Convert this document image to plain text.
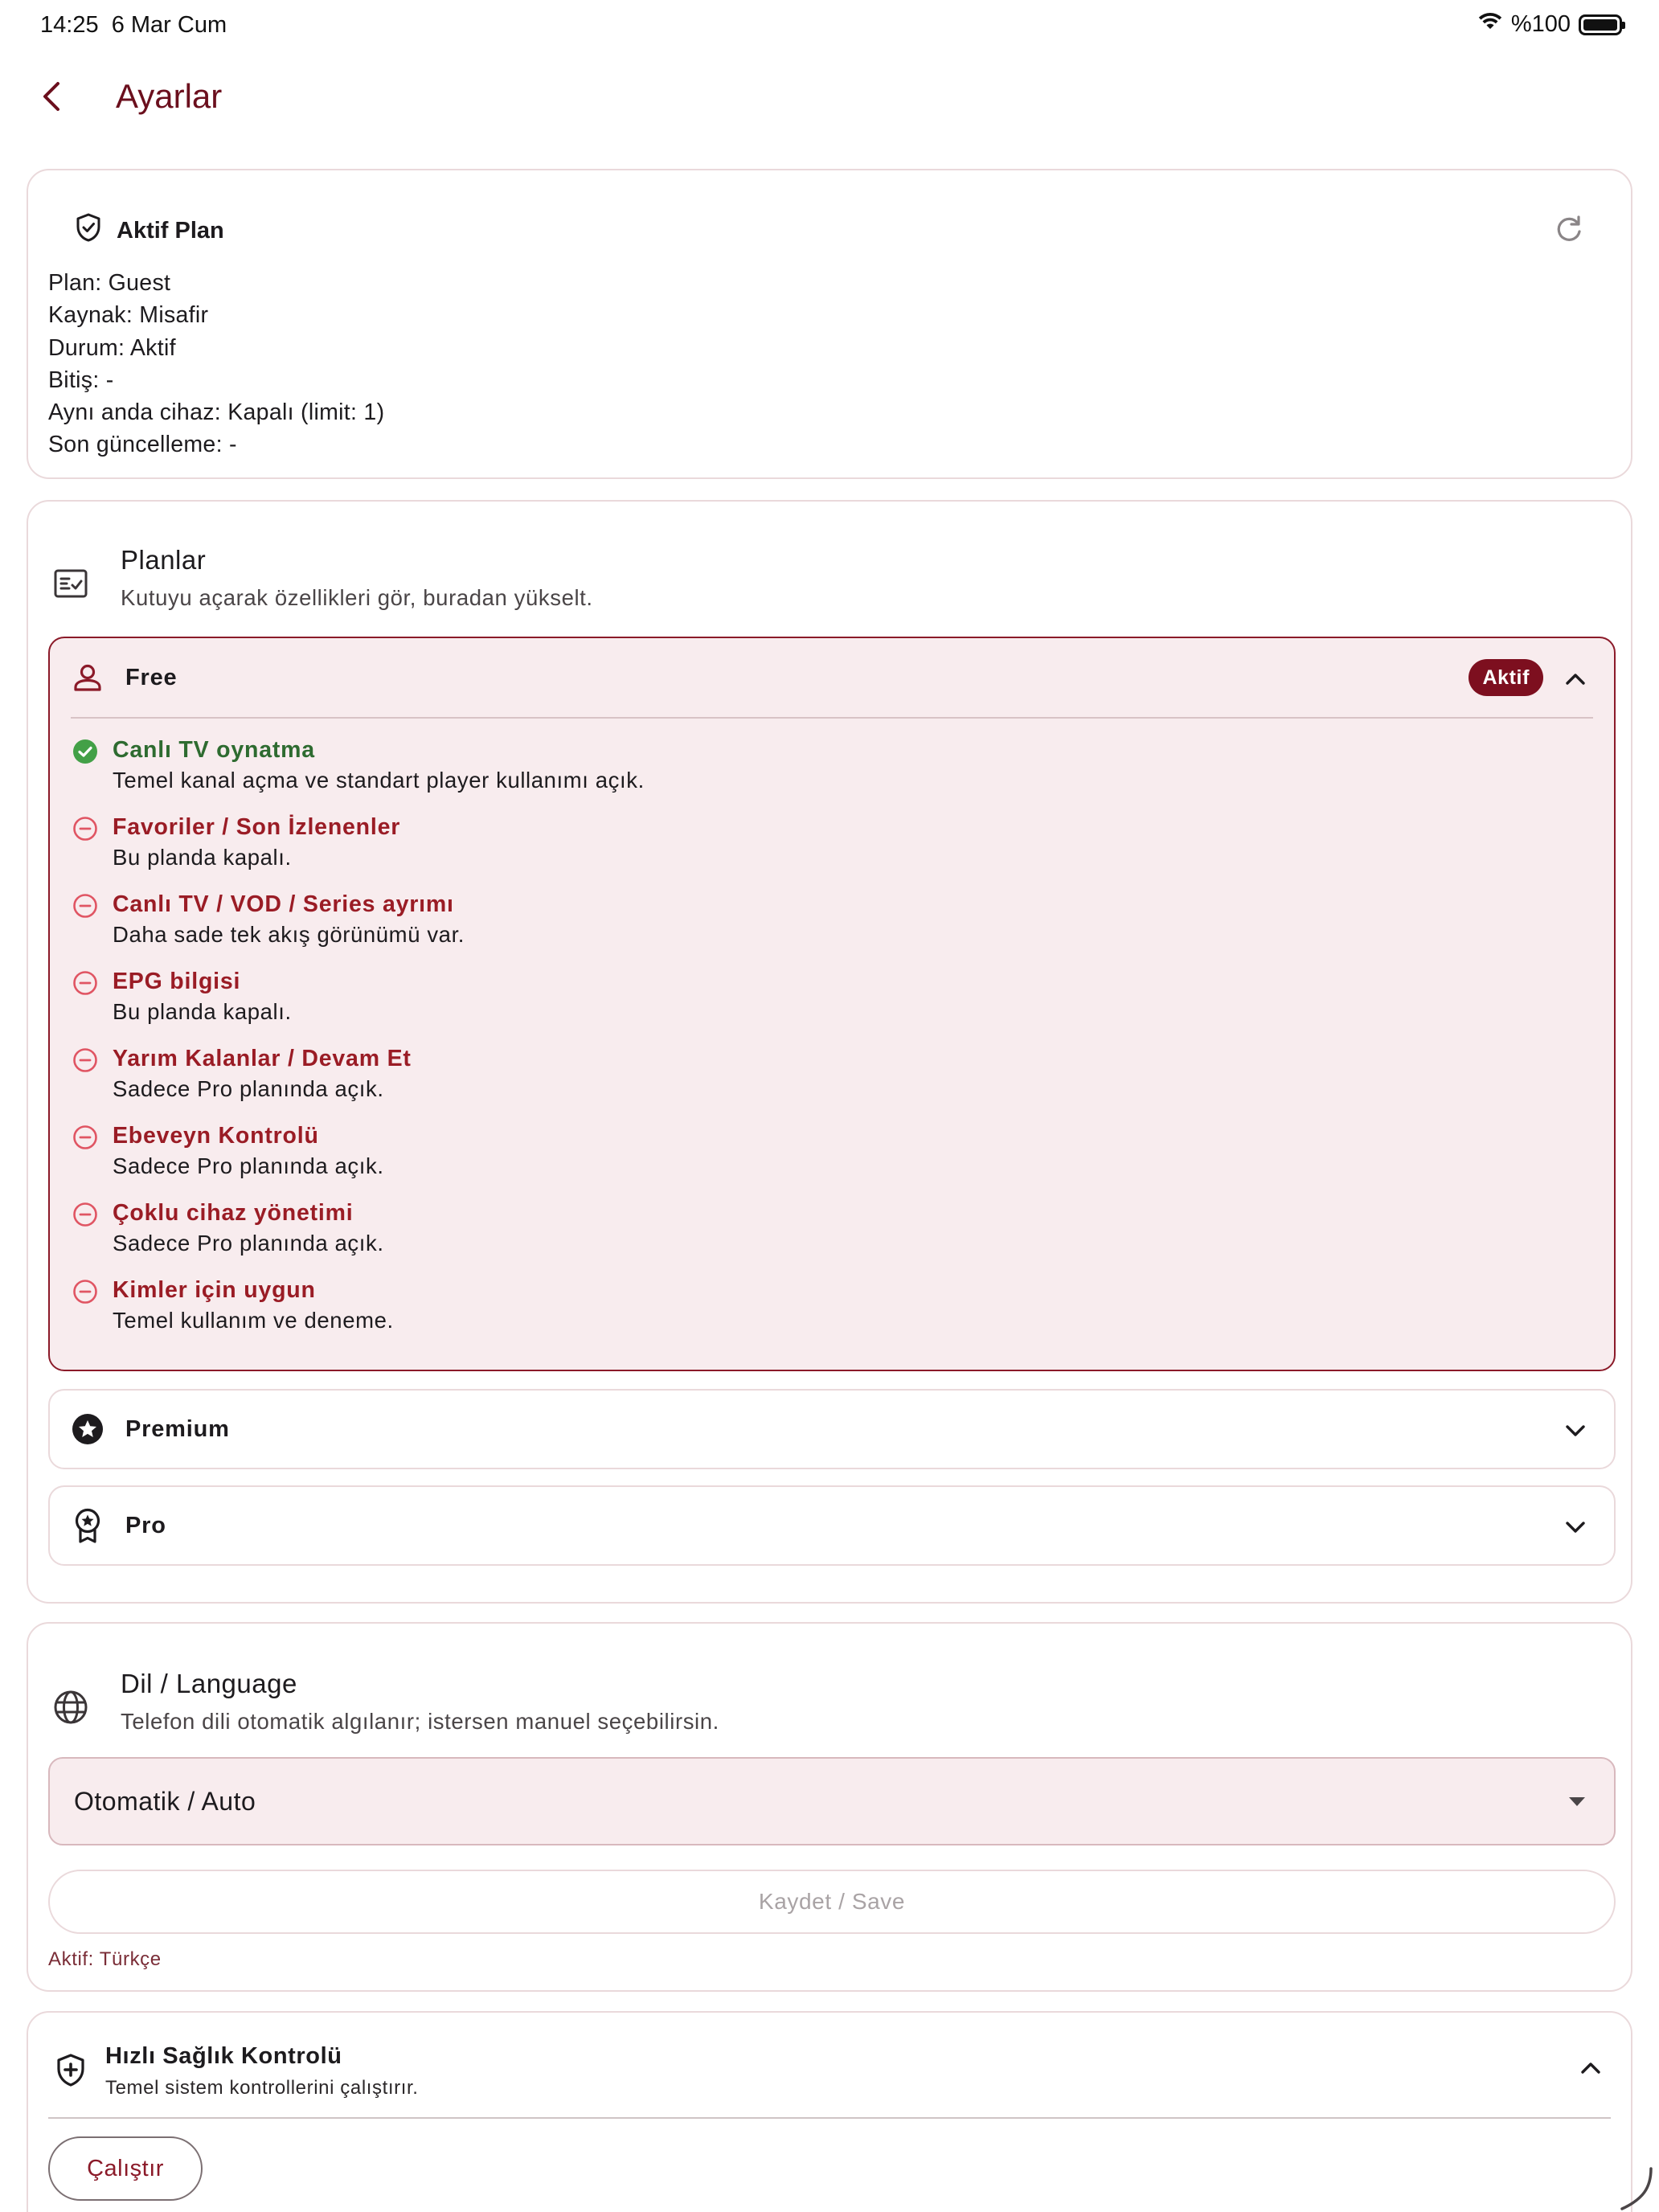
14:25 6 Mar Cum	%100
Ayarlar
Aktif Plan
Plan: Guest
Kaynak: Misafir
Durum: Aktif
Bitiş: -
Aynı anda cihaz: Kapalı (limit: 1)
Son güncelleme: -
Planlar
Kutuyu açarak özellikleri gör, buradan yükselt.
Free	Aktif
Canlı TV oynatma
Temel kanal açma ve standart player kullanımı açık.
Favoriler / Son İzlenenler
Bu planda kapalı.
Canlı TV / VOD / Series ayrımı
Daha sade tek akış görünümü var.
EPG bilgisi
Bu planda kapalı.
Yarım Kalanlar / Devam Et
Sadece Pro planında açık.
Ebeveyn Kontrolü
Sadece Pro planında açık.
Çoklu cihaz yönetimi
Sadece Pro planında açık.
Kimler için uygun
Temel kullanım ve deneme.
Premium
Pro
Dil / Language
Telefon dili otomatik algılanır; istersen manuel seçebilirsin.
Otomatik / Auto
Kaydet / Save
Aktif: Türkçe
Hızlı Sağlık Kontrolü
Temel sistem kontrollerini çalıştırır.
Çalıştır
